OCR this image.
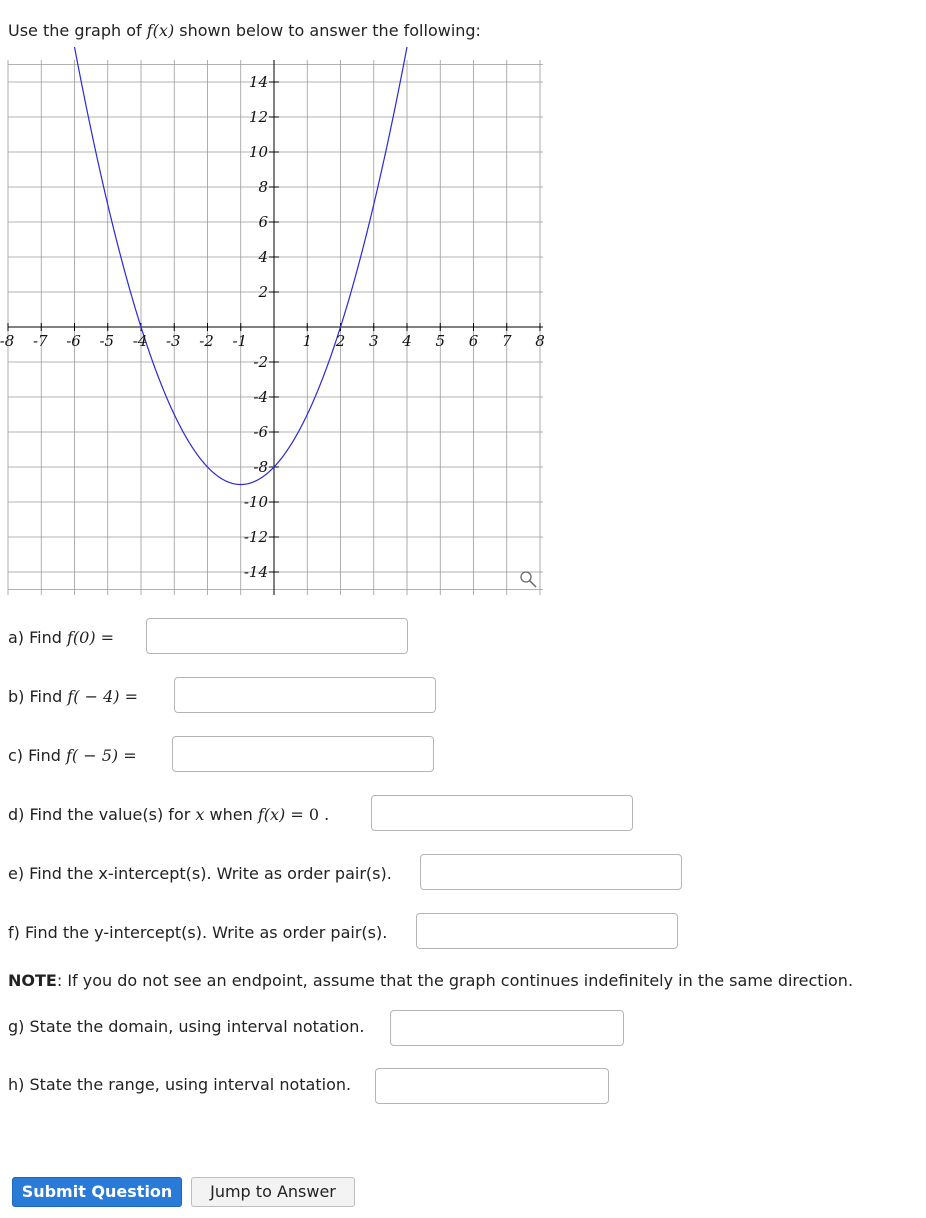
Use the graph of f(x) shown below to answer the following:
-8 -7 -6 -5 -4 -3 -2 -1	1 2 3 4 5 6 7 8
14
12
10
8
6
4
2
-2
-4
-6
-8
-10
-12
-14
a) Find f(0) =
b) Find f( − 4) =
c) Find f( − 5) =
d) Find the value(s) for x when f(x) = 0 .
e) Find the x-intercept(s). Write as order pair(s).
f) Find the y-intercept(s). Write as order pair(s).
NOTE: If you do not see an endpoint, assume that the graph continues indefinitely in the same direction.
g) State the domain, using interval notation.
h) State the range, using interval notation.
Submit Question	Jump to Answer
